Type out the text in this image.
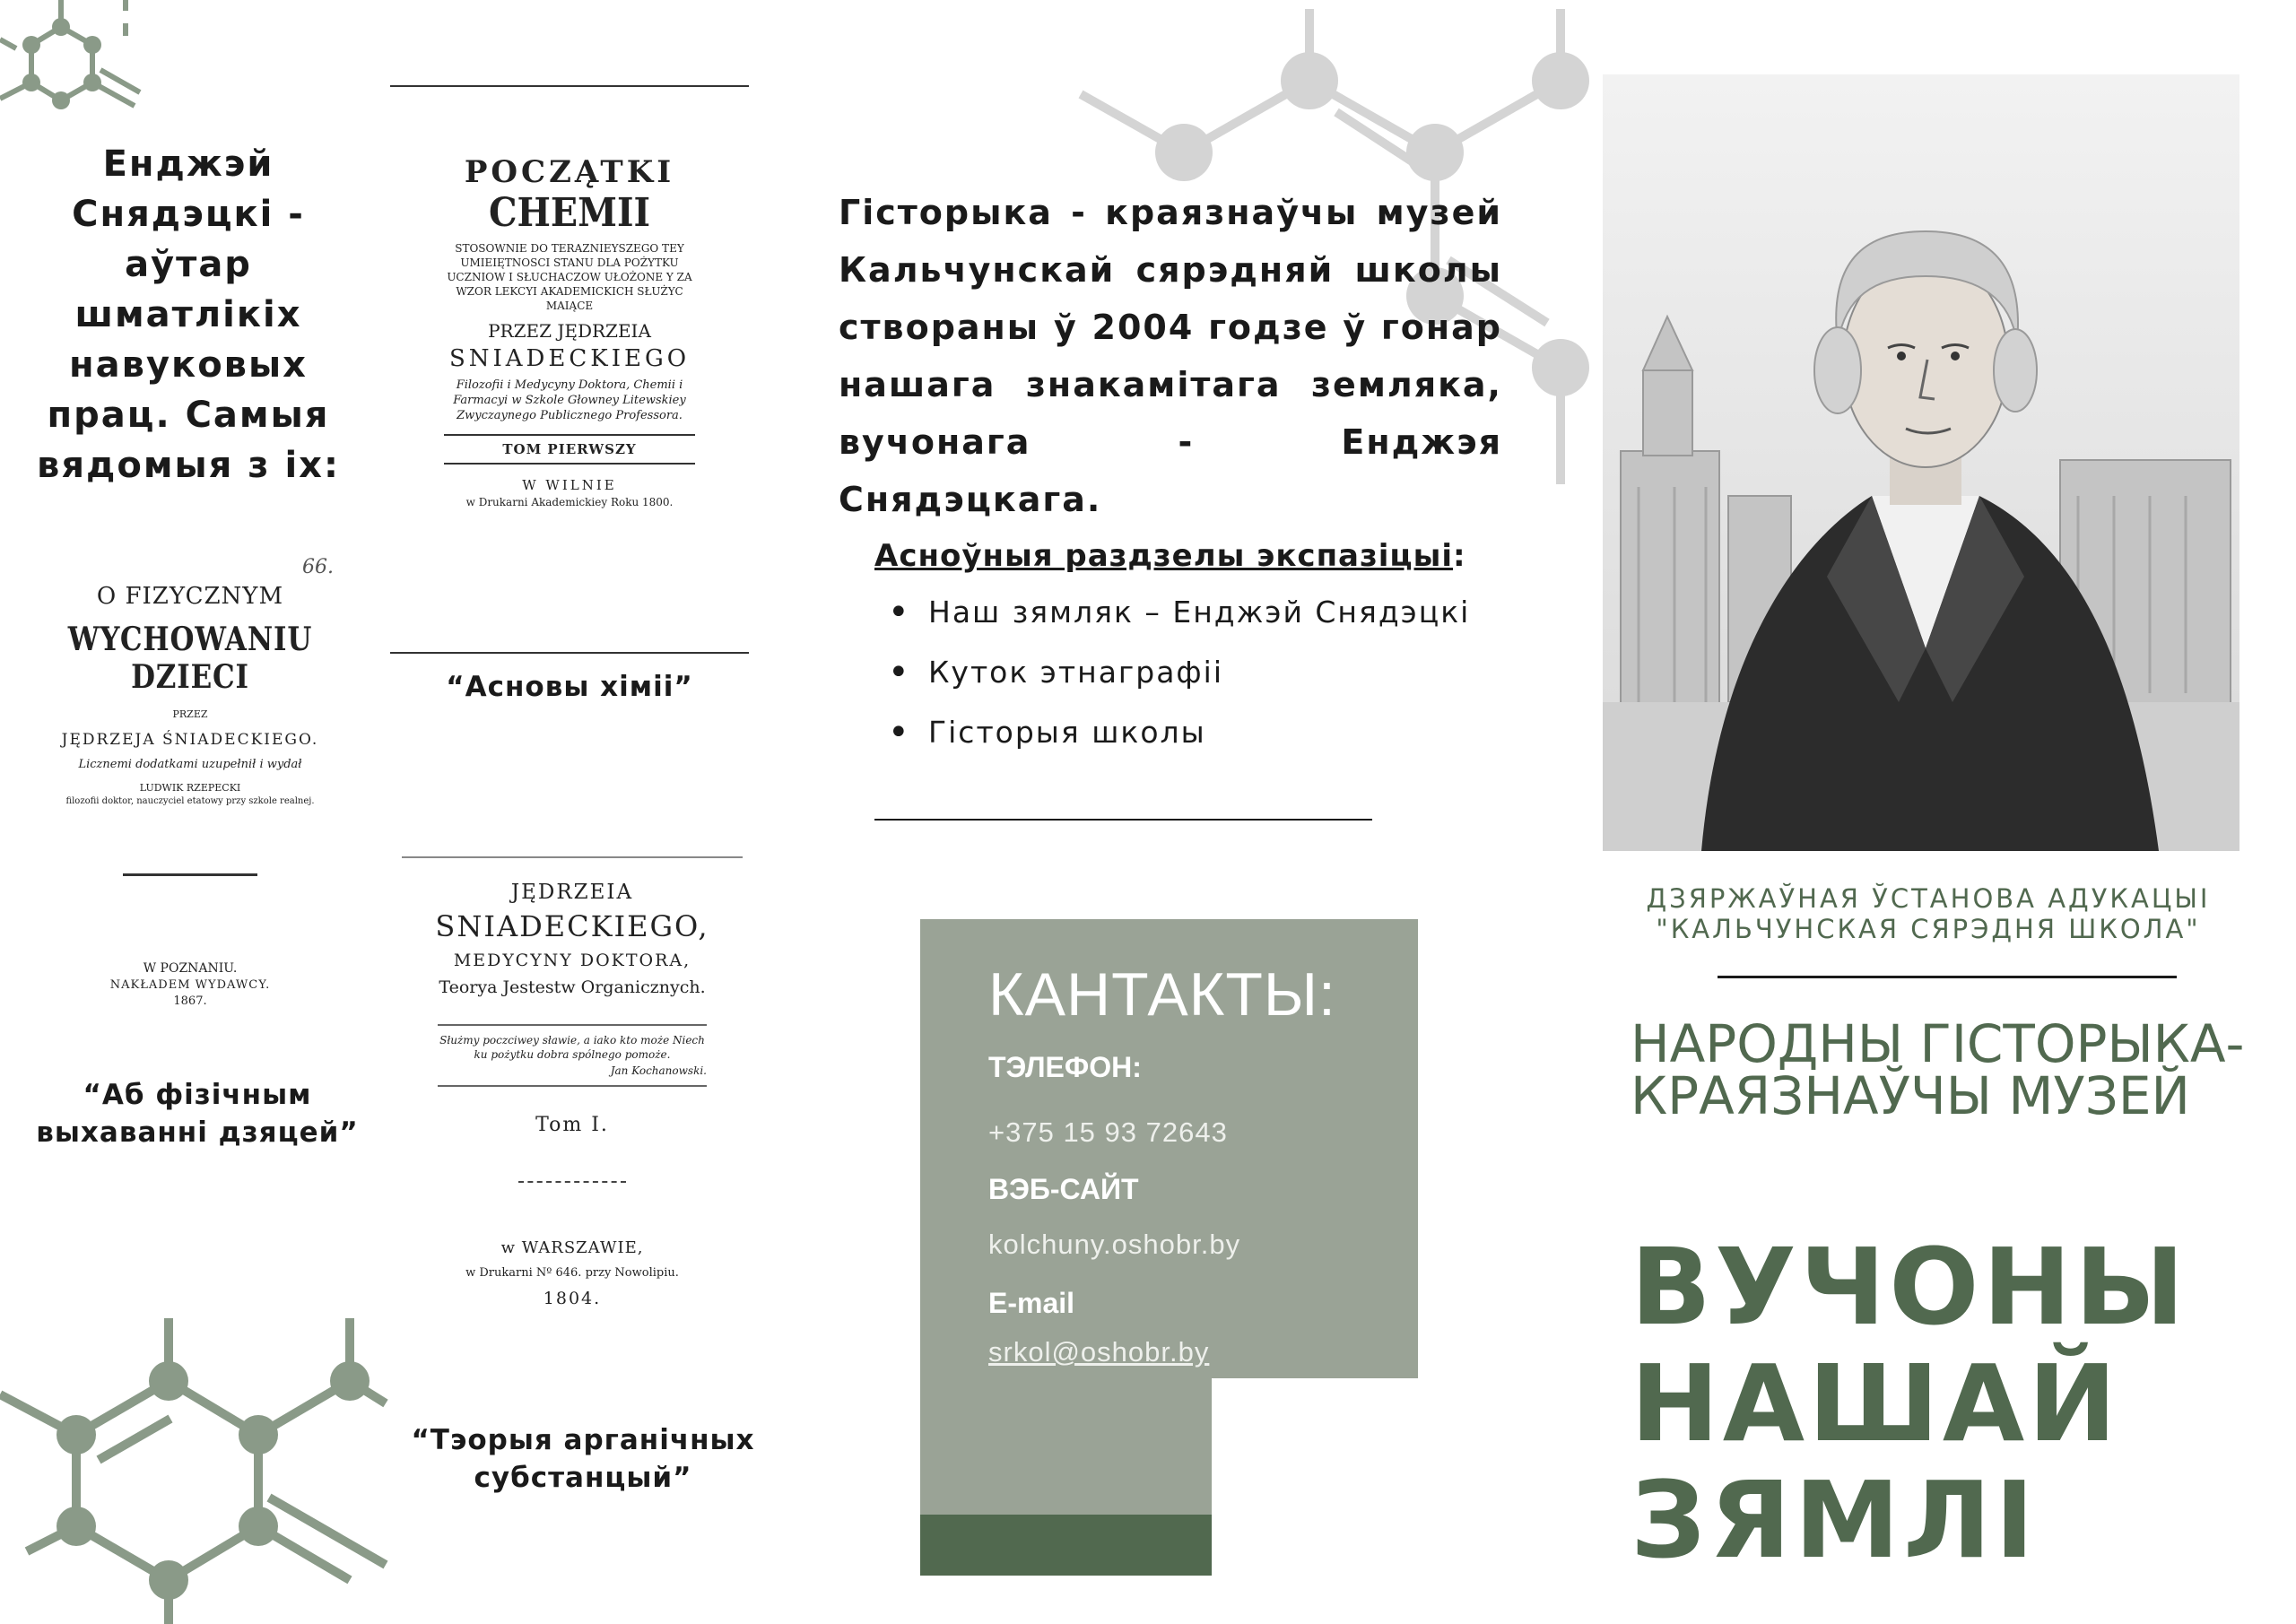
Енджэй Снядэцкі - аўтар шматлікіх навуковых прац. Самыя вядомыя з іх:
66.
O FIZYCZNYM
WYCHOWANIU DZIECI
PRZEZ
JĘDRZEJA ŚNIADECKIEGO.
Licznemi dodatkami uzupełnił i wydał
LUDWIK RZEPECKI
filozofii doktor, nauczyciel etatowy przy szkole realnej.
W POZNANIU.
NAKŁADEM WYDAWCY.
1867.
“Аб фізічным выхаванні дзяцей”
POCZĄTKI
CHEMII
STOSOWNIE DO TERAZNIEYSZEGO TEY UMIEIĘTNOSCI STANU DLA POŻYTKU UCZNIOW I SŁUCHACZOW UŁOŻONE Y ZA WZOR LEKCYI AKADEMICKICH SŁUŻYC MAIĄCE
PRZEZ JĘDRZEIA
SNIADECKIEGO
Filozofii i Medycyny Doktora, Chemii i Farmacyi w Szkole Głowney Litewskiey Zwyczaynego Publicznego Professora.
TOM PIERWSZY
W WILNIE
w Drukarni Akademickiey Roku 1800.
“Асновы хіміі”
JĘDRZEIA
SNIADECKIEGO,
MEDYCYNY DOKTORA,
Teorya Jestestw Organicznych.
Służmy poczciwey sławie, a iako kto może Niech ku pożytku dobra spólnego pomoże.
Jan Kochanowski.
Tom I.
w WARSZAWIE,
w Drukarni Nº 646. przy Nowolipiu.
1804.
“Тэорыя арганічных субстанцый”
Гісторыка - краязнаўчы музей Кальчунскай сярэдняй школы створаны ў 2004 годзе ў гонар нашага знакамітага земляка, вучонага - Енджэя Снядэцкага.
Асноўныя раздзелы экспазіцыі:
• Наш зямляк – Енджэй Снядэцкі
• Куток этнаграфіі
• Гісторыя школы
КАНТАКТЫ:
ТЭЛЕФОН:
+375 15 93 72643
ВЭБ-САЙТ
kolchuny.oshobr.by
E-mail
srkol@oshobr.by
ДЗЯРЖАЎНАЯ ЎСТАНОВА АДУКАЦЫІ
"КАЛЬЧУНСКАЯ СЯРЭДНЯ ШКОЛА"
НАРОДНЫ ГІСТОРЫКА-КРАЯЗНАЎЧЫ МУЗЕЙ
ВУЧОНЫ
НАШАЙ
ЗЯМЛІ
